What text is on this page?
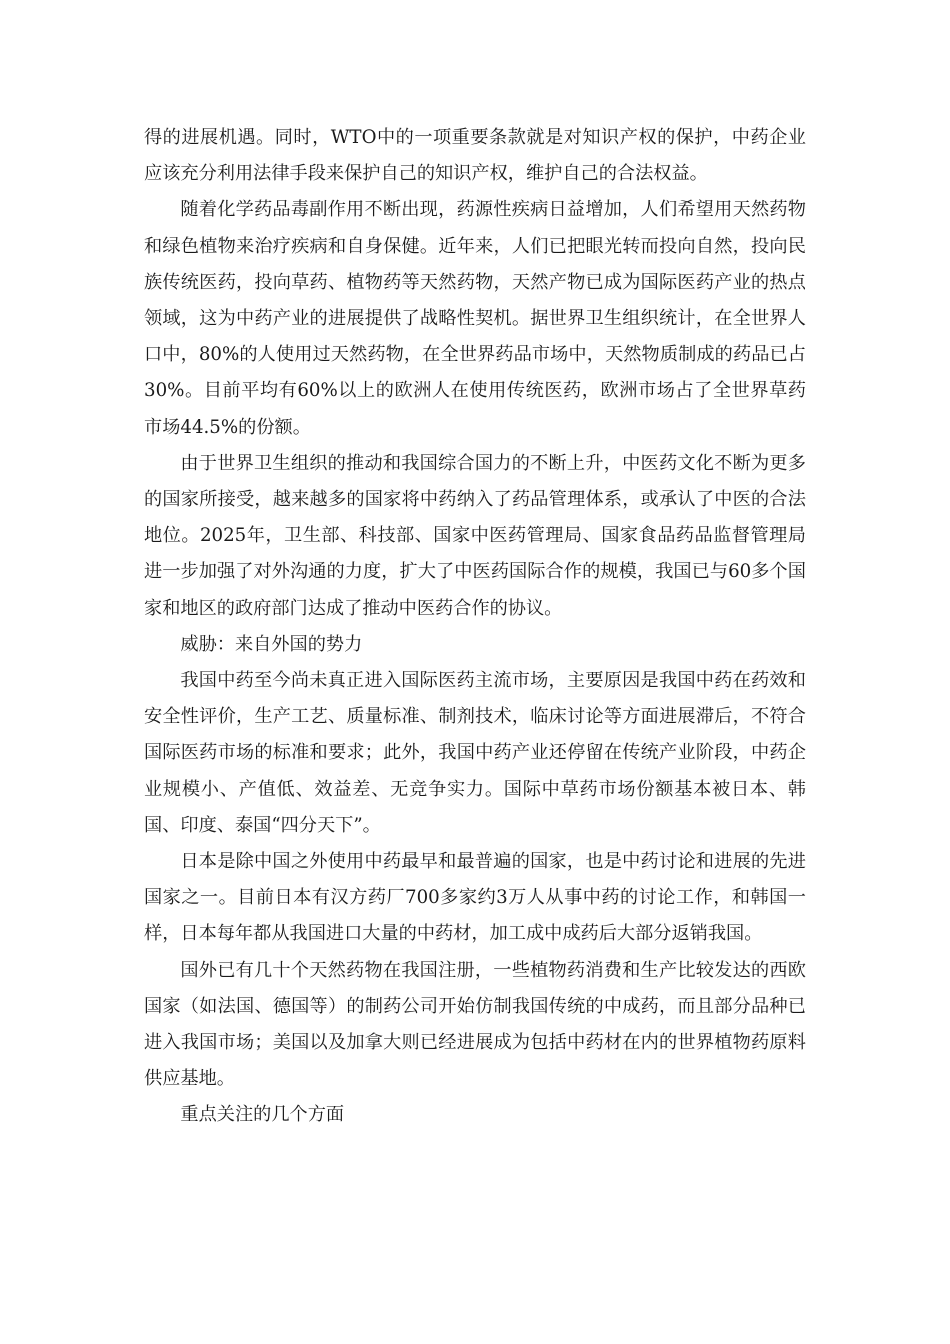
得的进展机遇。同时，WTO中的一项重要条款就是对知识产权的保护，中药企业应该充分利用法律手段来保护自己的知识产权，维护自己的合法权益。

随着化学药品毒副作用不断出现，药源性疾病日益增加，人们希望用天然药物和绿色植物来治疗疾病和自身保健。近年来，人们已把眼光转而投向自然，投向民族传统医药，投向草药、植物药等天然药物，天然产物已成为国际医药产业的热点领域，这为中药产业的进展提供了战略性契机。据世界卫生组织统计，在全世界人口中，80%的人使用过天然药物，在全世界药品市场中，天然物质制成的药品已占30%。目前平均有60%以上的欧洲人在使用传统医药，欧洲市场占了全世界草药市场44.5%的份额。

由于世界卫生组织的推动和我国综合国力的不断上升，中医药文化不断为更多的国家所接受，越来越多的国家将中药纳入了药品管理体系，或承认了中医的合法地位。2025年，卫生部、科技部、国家中医药管理局、国家食品药品监督管理局进一步加强了对外沟通的力度，扩大了中医药国际合作的规模，我国已与60多个国家和地区的政府部门达成了推动中医药合作的协议。

威胁：来自外国的势力

我国中药至今尚未真正进入国际医药主流市场，主要原因是我国中药在药效和安全性评价，生产工艺、质量标准、制剂技术，临床讨论等方面进展滞后，不符合国际医药市场的标准和要求；此外，我国中药产业还停留在传统产业阶段，中药企业规模小、产值低、效益差、无竞争实力。国际中草药市场份额基本被日本、韩国、印度、泰国“四分天下”。

日本是除中国之外使用中药最早和最普遍的国家，也是中药讨论和进展的先进国家之一。目前日本有汉方药厂700多家约3万人从事中药的讨论工作，和韩国一样，日本每年都从我国进口大量的中药材，加工成中成药后大部分返销我国。

国外已有几十个天然药物在我国注册，一些植物药消费和生产比较发达的西欧国家（如法国、德国等）的制药公司开始仿制我国传统的中成药，而且部分品种已进入我国市场；美国以及加拿大则已经进展成为包括中药材在内的世界植物药原料供应基地。

重点关注的几个方面
